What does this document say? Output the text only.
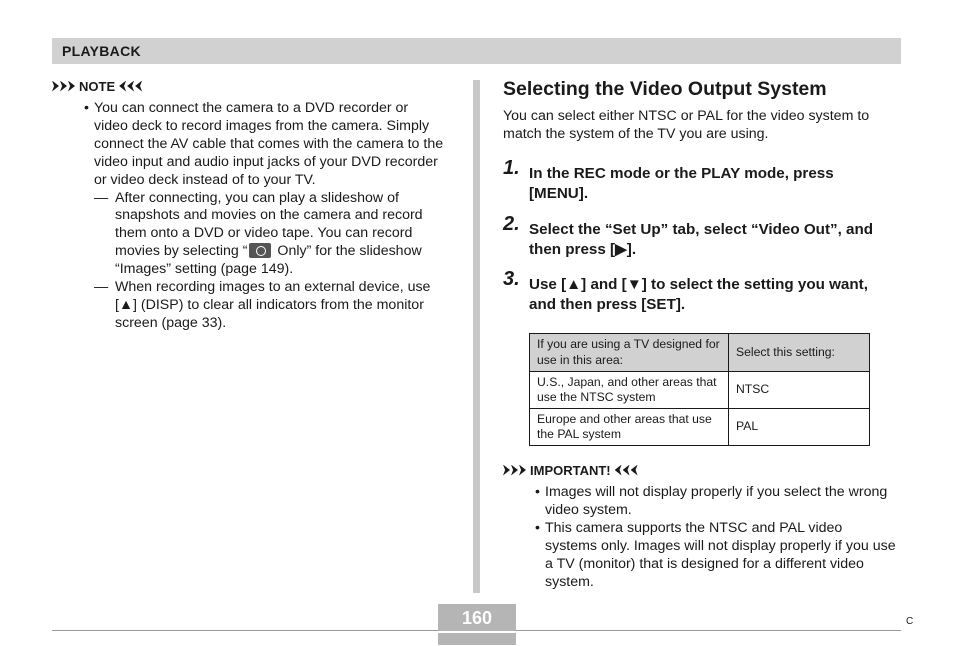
PLAYBACK
NOTE
• You can connect the camera to a DVD recorder or video deck to record images from the camera. Simply connect the AV cable that comes with the camera to the video input and audio input jacks of your DVD recorder or video deck instead of to your TV.
— After connecting, you can play a slideshow of snapshots and movies on the camera and record them onto a DVD or video tape. You can record movies by selecting “ Only” for the slideshow “Images” setting (page 149).
— When recording images to an external device, use [▲] (DISP) to clear all indicators from the monitor screen (page 33).
Selecting the Video Output System
You can select either NTSC or PAL for the video system to match the system of the TV you are using.
1. In the REC mode or the PLAY mode, press [MENU].
2. Select the “Set Up” tab, select “Video Out”, and then press [▶].
3. Use [▲] and [▼] to select the setting you want, and then press [SET].
If you are using a TV designed for use in this area:	Select this setting:
U.S., Japan, and other areas that use the NTSC system	NTSC
Europe and other areas that use the PAL system	PAL
IMPORTANT!
• Images will not display properly if you select the wrong video system.
• This camera supports the NTSC and PAL video systems only. Images will not display properly if you use a TV (monitor) that is designed for a different video system.
160	C
